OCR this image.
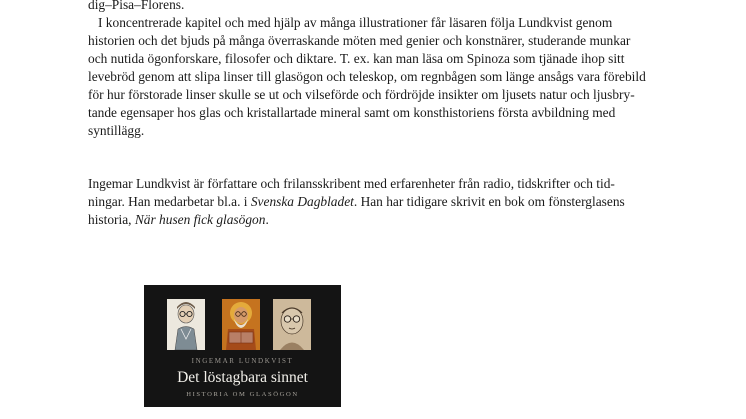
dig–Pisa–Florens.
I koncentrerade kapitel och med hjälp av många illustrationer får läsaren följa Lundkvist genom
historien och det bjuds på många överraskande möten med genier och konstnärer, studerande munkar
och nutida ögonforskare, filosofer och diktare. T. ex. kan man läsa om Spinoza som tjänade ihop sitt
levebröd genom att slipa linser till glasögon och teleskop, om regnbågen som länge ansågs vara förebild
för hur förstorade linser skulle se ut och vilseförde och fördröjde insikter om ljusets natur och ljusbry-
tande egensaper hos glas och kristallartade mineral samt om konsthistoriens första avbildning med
syntillägg.
Ingemar Lundkvist är författare och frilansskribent med erfarenheter från radio, tidskrifter och tid-
ningar. Han medarbetar bl.a. i Svenska Dagbladet. Han har tidigare skrivit en bok om fönsterglasens
historia, När husen fick glasögon.
INGEMAR LUNDKVIST
Det löstagbara sinnet
HISTORIA OM GLASÖGON
